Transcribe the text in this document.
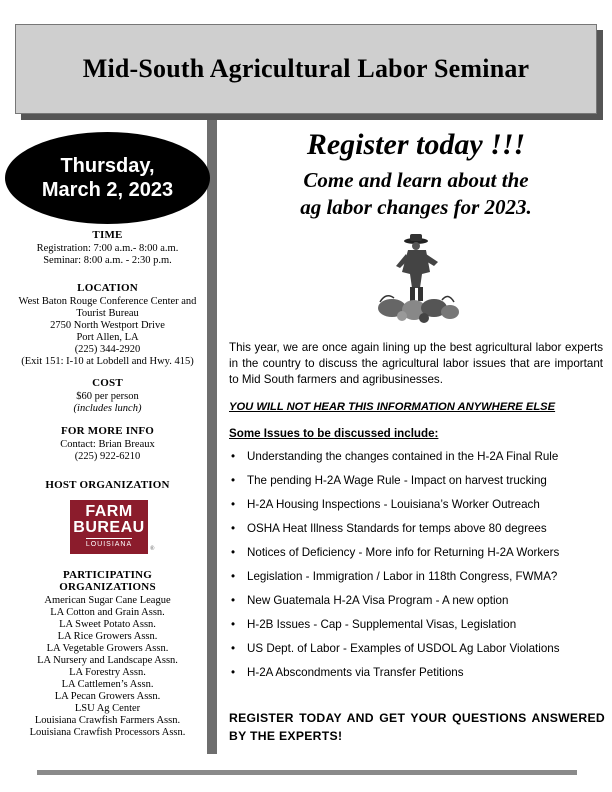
Mid-South Agricultural Labor Seminar
Thursday,
March 2, 2023
TIME
Registration: 7:00 a.m.- 8:00 a.m.
Seminar: 8:00 a.m. - 2:30 p.m.
LOCATION
West Baton Rouge Conference Center and
Tourist Bureau
2750 North Westport Drive
Port Allen, LA
(225) 344-2920
(Exit 151: I-10 at Lobdell and Hwy. 415)
COST
$60 per person
(includes lunch)
FOR MORE INFO
Contact: Brian Breaux
(225) 922-6210
HOST ORGANIZATION
FARM
BUREAU
LOUISIANA
®
PARTICIPATING
ORGANIZATIONS
American Sugar Cane League
LA Cotton and Grain Assn.
LA Sweet Potato Assn.
LA Rice Growers Assn.
LA Vegetable Growers Assn.
LA Nursery and Landscape Assn.
LA Forestry Assn.
LA Cattlemen’s Assn.
LA Pecan Growers Assn.
LSU Ag Center
Louisiana Crawfish Farmers Assn.
Louisiana Crawfish Processors Assn.
Register today !!!
Come and learn about the
ag labor changes for 2023.
This year, we are once again lining up the best agricultural labor experts in the country to discuss the agricultural labor issues that are important to Mid South farmers and agribusinesses.
YOU WILL NOT HEAR THIS INFORMATION ANYWHERE ELSE
Some Issues to be discussed include:
• Understanding the changes contained in the H-2A Final Rule
• The pending H-2A Wage Rule - Impact on harvest trucking
• H-2A Housing Inspections - Louisiana’s Worker Outreach
• OSHA Heat Illness Standards for temps above 80 degrees
• Notices of Deficiency - More info for Returning H-2A Workers
• Legislation - Immigration / Labor in 118th Congress, FWMA?
• New Guatemala H-2A Visa Program - A new option
• H-2B Issues - Cap - Supplemental Visas, Legislation
• US Dept. of Labor - Examples of USDOL Ag Labor Violations
• H-2A Abscondments via Transfer Petitions
REGISTER TODAY AND GET YOUR QUESTIONS ANSWERED BY THE EXPERTS!
